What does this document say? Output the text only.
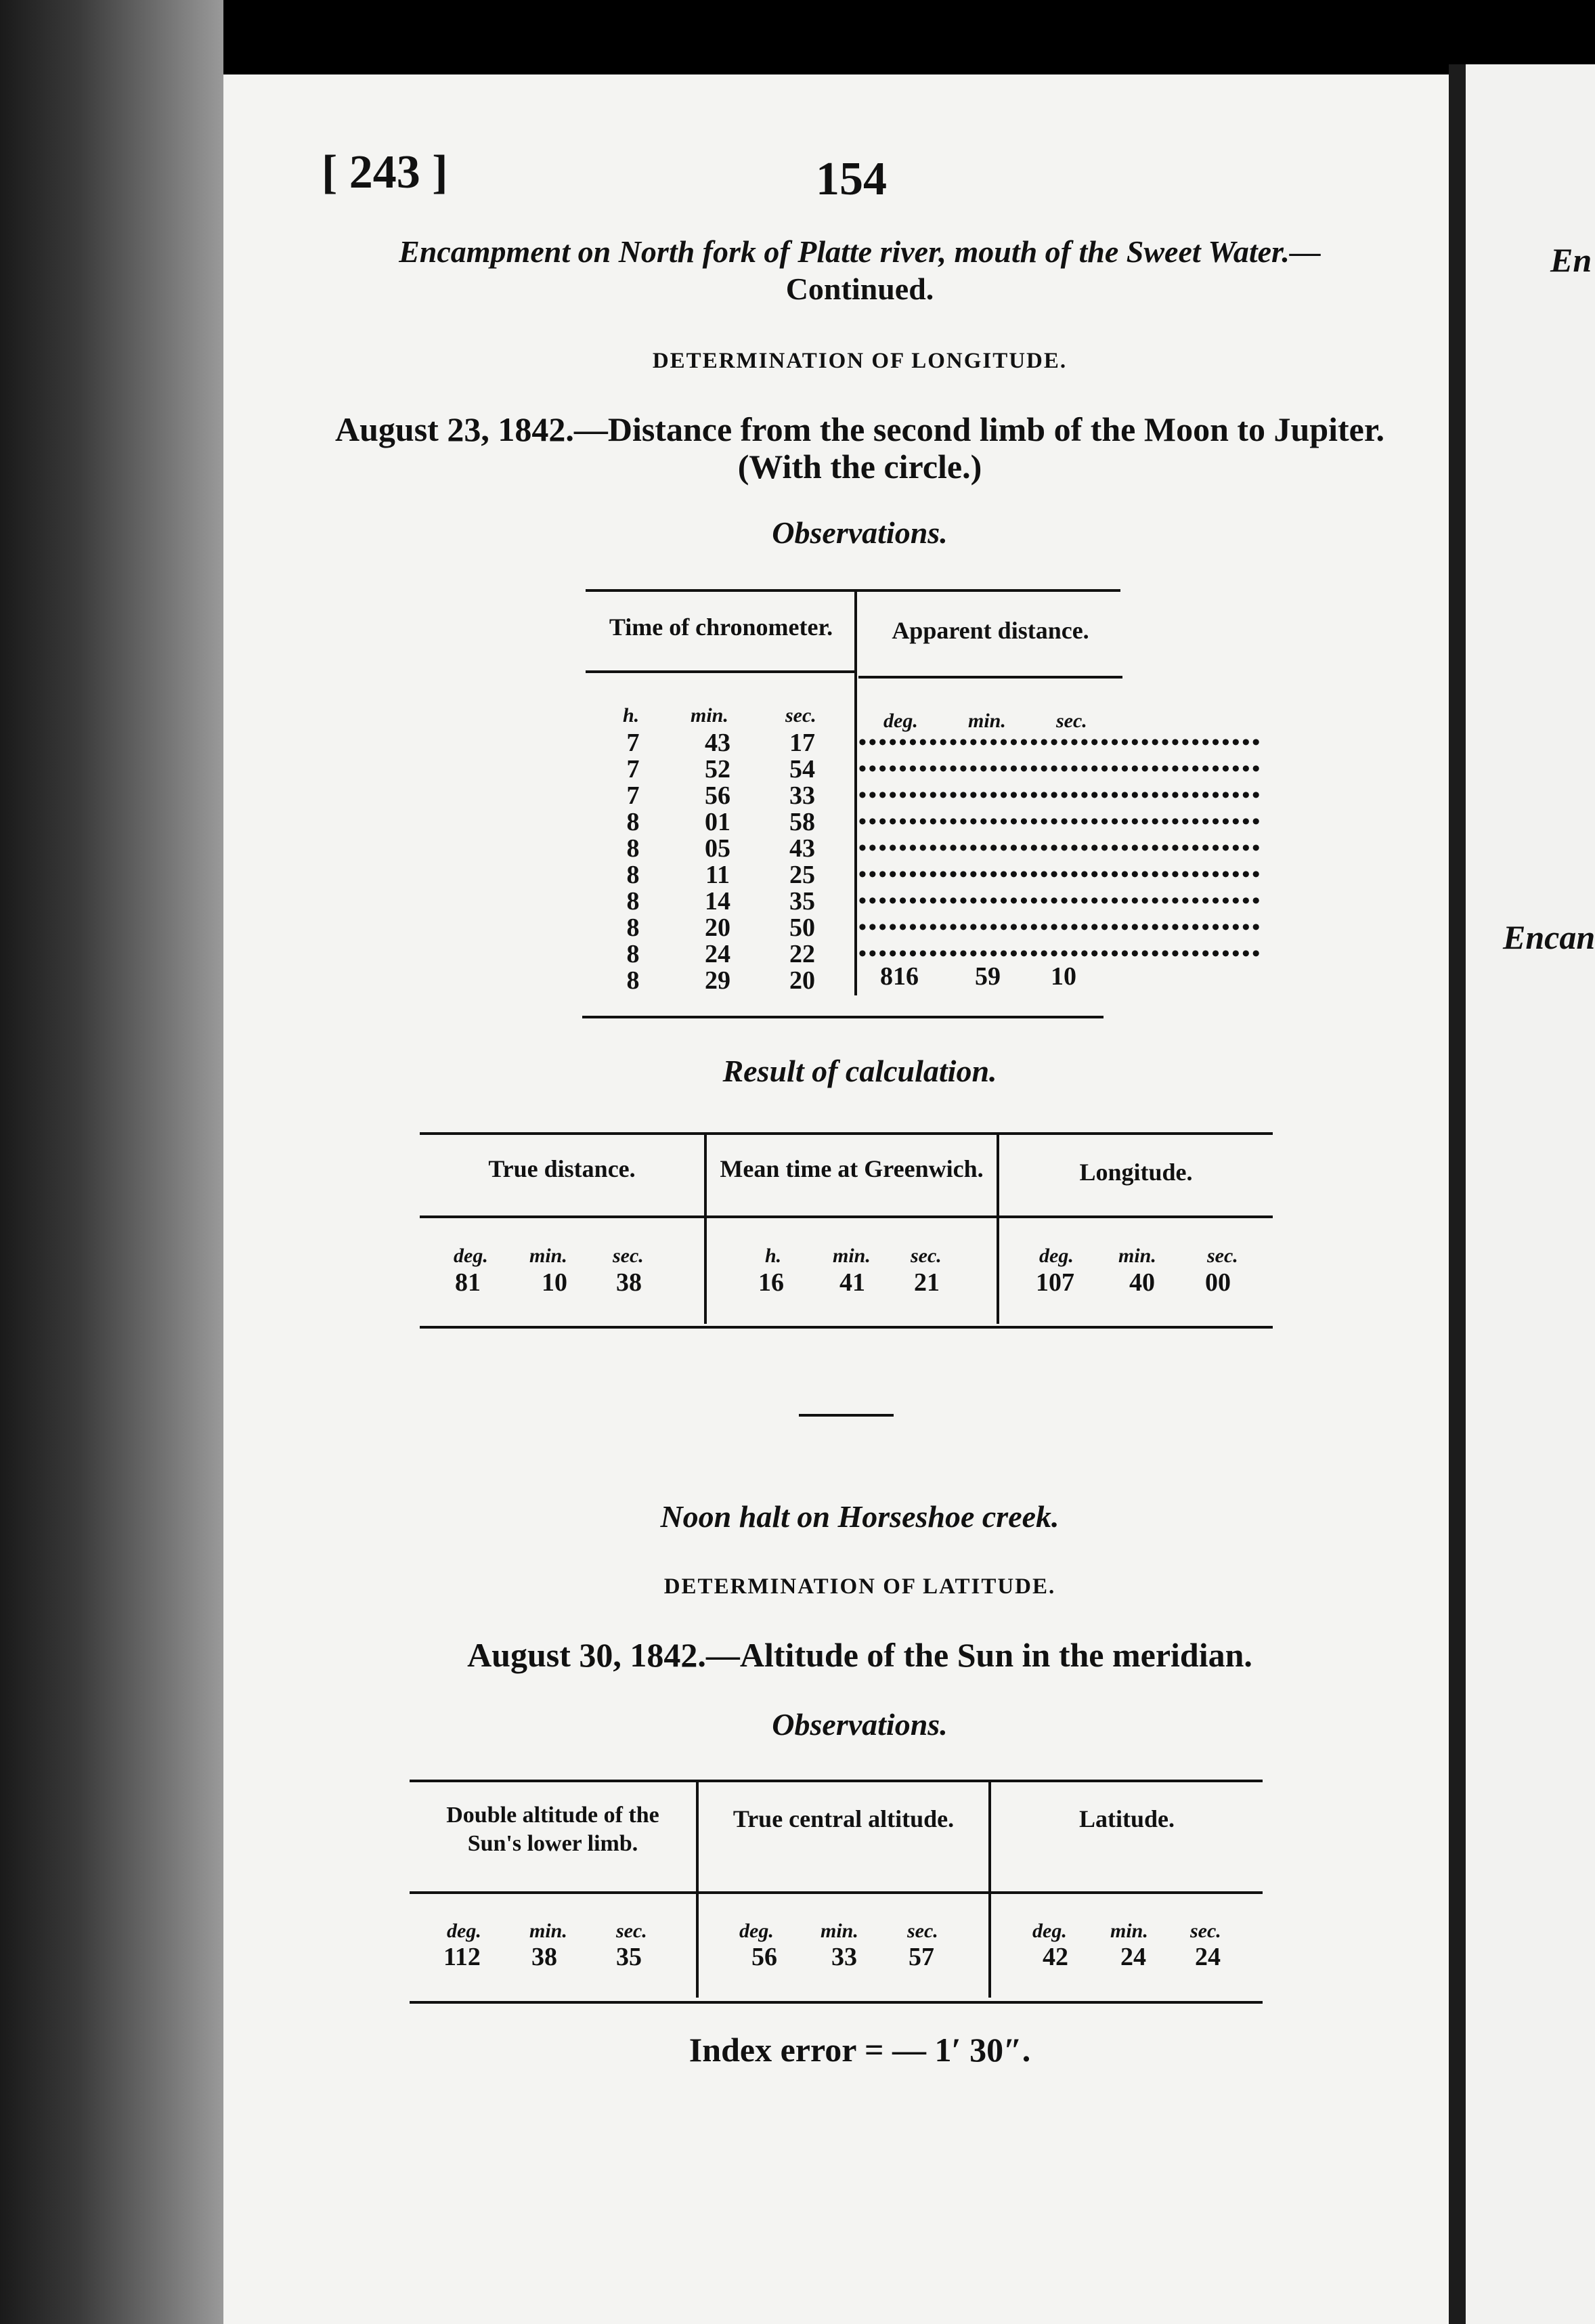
En
Encan
[ 243 ]	154
Encampment on North fork of Platte river, mouth of the Sweet Water.—
Continued.
DETERMINATION OF LONGITUDE.
August 23, 1842.—Distance from the second limb of the Moon to Jupiter.
(With the circle.)
Observations.
Time of chronometer.	Apparent distance.
h.	min.	sec.	deg. min. sec.
7	43	17	••••••••••••••••••••••••••••••••••••••••
7	52	54	••••••••••••••••••••••••••••••••••••••••
7	56	33	••••••••••••••••••••••••••••••••••••••••
8	01	58	••••••••••••••••••••••••••••••••••••••••
8	05	43	••••••••••••••••••••••••••••••••••••••••
8	11	25	••••••••••••••••••••••••••••••••••••••••
8	14	35	••••••••••••••••••••••••••••••••••••••••
8	20	50	••••••••••••••••••••••••••••••••••••••••
8	24	22	••••••••••••••••••••••••••••••••••••••••
8	29	20	816 59 10
Result of calculation.
True distance.	Mean time at Greenwich.	Longitude.
deg. min. sec.	h.	min. sec.	deg. min.	sec.
81 10 38	16 41 21	107 40 00
Noon halt on Horseshoe creek.
DETERMINATION OF LATITUDE.
August 30, 1842.—Altitude of the Sun in the meridian.
Observations.
Double altitude of the
Sun's lower limb.
True central altitude.	Latitude.
deg. min. sec.	deg. min. sec.	deg. min. sec.
112 38 35	56 33 57	42 24 24
Index error = — 1′ 30″.
